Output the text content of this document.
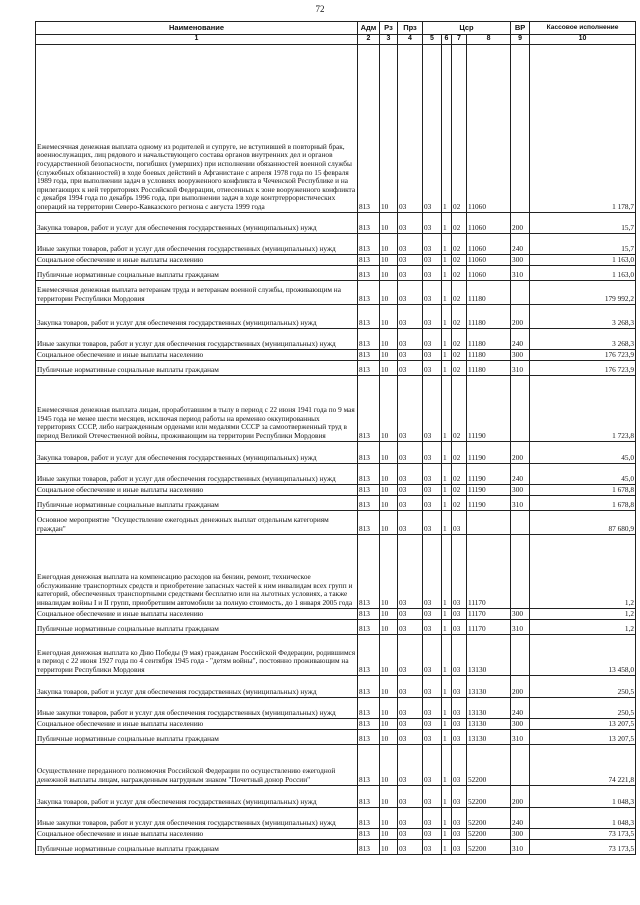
72
Наименование	Адм	Рз	Прз	Цср				ВР	Кассовое исполнение
1	2	3	4	5	6	7	8	9	10
Ежемесячная денежная выплата одному из родителей и супруге, не вступившей в повторный брак, военнослужащих, лиц рядового и начальствующего состава органов внутренних дел и органов государственной безопасности, погибших (умерших) при исполнении обязанностей военной службы (служебных обязанностей) в ходе боевых действий в Афганистане с апреля 1978 года по 15 февраля 1989 года, при выполнении задач в условиях вооруженного конфликта в Чеченской Республике и на прилегающих к ней территориях Российской Федерации, отнесенных к зоне вооруженного конфликта с декабря 1994 года по декабрь 1996 года, при выполнении задач в ходе контртеррористических операций на территории Северо-Кавказского региона с августа 1999 года	813	10	03	03	1	02	11060		1 178,7
Закупка товаров, работ и услуг для обеспечения государственных (муниципальных) нужд	813	10	03	03	1	02	11060	200	15,7
Иные закупки товаров, работ и услуг для обеспечения государственных (муниципальных) нужд	813	10	03	03	1	02	11060	240	15,7
Социальное обеспечение и иные выплаты населению	813	10	03	03	1	02	11060	300	1 163,0
Публичные нормативные социальные выплаты гражданам	813	10	03	03	1	02	11060	310	1 163,0
Ежемесячная денежная выплата ветеранам труда и ветеранам военной службы, проживающим на территории Республики Мордовия	813	10	03	03	1	02	11180		179 992,2
Закупка товаров, работ и услуг для обеспечения государственных (муниципальных) нужд	813	10	03	03	1	02	11180	200	3 268,3
Иные закупки товаров, работ и услуг для обеспечения государственных (муниципальных) нужд	813	10	03	03	1	02	11180	240	3 268,3
Социальное обеспечение и иные выплаты населению	813	10	03	03	1	02	11180	300	176 723,9
Публичные нормативные социальные выплаты гражданам	813	10	03	03	1	02	11180	310	176 723,9
Ежемесячная денежная выплата лицам, проработавшим в тылу в период с 22 июня 1941 года по 9 мая 1945 года не менее шести месяцев, исключая период работы на временно оккупированных территориях СССР, либо награжденным орденами или медалями СССР за самоотверженный труд в период Великой Отечественной войны, проживающим на территории Республики Мордовия	813	10	03	03	1	02	11190		1 723,8
Закупка товаров, работ и услуг для обеспечения государственных (муниципальных) нужд	813	10	03	03	1	02	11190	200	45,0
Иные закупки товаров, работ и услуг для обеспечения государственных (муниципальных) нужд	813	10	03	03	1	02	11190	240	45,0
Социальное обеспечение и иные выплаты населению	813	10	03	03	1	02	11190	300	1 678,8
Публичные нормативные социальные выплаты гражданам	813	10	03	03	1	02	11190	310	1 678,8
Основное мероприятие "Осуществление ежегодных денежных выплат отдельным категориям граждан"	813	10	03	03	1	03			87 680,9
Ежегодная денежная выплата на компенсацию расходов на бензин, ремонт, техническое обслуживание транспортных средств и приобретение запасных частей к ним инвалидам всех групп и категорий, обеспеченных транспортными средствами бесплатно или на льготных условиях, а также инвалидам войны I и II групп, приобретшим автомобили за полную стоимость, до 1 января 2005 года	813	10	03	03	1	03	11170		1,2
Социальное обеспечение и иные выплаты населению	813	10	03	03	1	03	11170	300	1,2
Публичные нормативные социальные выплаты гражданам	813	10	03	03	1	03	11170	310	1,2
Ежегодная денежная выплата ко Дню Победы (9 мая) гражданам Российской Федерации, родившимся в период с 22 июня 1927 года по 4 сентября 1945 года - "детям войны", постоянно проживающим на территории Республики Мордовия	813	10	03	03	1	03	13130		13 458,0
Закупка товаров, работ и услуг для обеспечения государственных (муниципальных) нужд	813	10	03	03	1	03	13130	200	250,5
Иные закупки товаров, работ и услуг для обеспечения государственных (муниципальных) нужд	813	10	03	03	1	03	13130	240	250,5
Социальное обеспечение и иные выплаты населению	813	10	03	03	1	03	13130	300	13 207,5
Публичные нормативные социальные выплаты гражданам	813	10	03	03	1	03	13130	310	13 207,5
Осуществление переданного полномочия Российской Федерации по осуществлению ежегодной денежной выплаты лицам, награжденным нагрудным знаком "Почетный донор России"	813	10	03	03	1	03	52200		74 221,8
Закупка товаров, работ и услуг для обеспечения государственных (муниципальных) нужд	813	10	03	03	1	03	52200	200	1 048,3
Иные закупки товаров, работ и услуг для обеспечения государственных (муниципальных) нужд	813	10	03	03	1	03	52200	240	1 048,3
Социальное обеспечение и иные выплаты населению	813	10	03	03	1	03	52200	300	73 173,5
Публичные нормативные социальные выплаты гражданам	813	10	03	03	1	03	52200	310	73 173,5
